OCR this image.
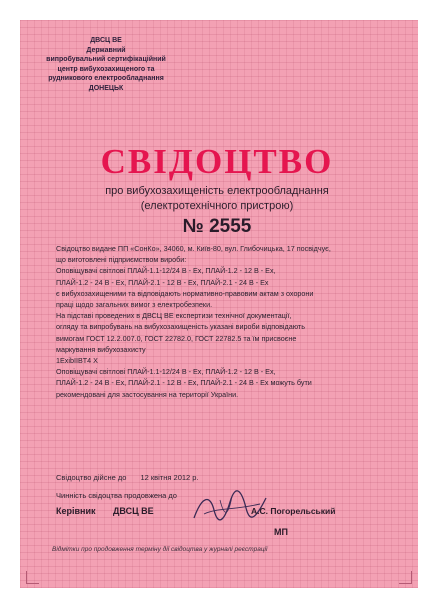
ДВСЦ ВЕ
Державний
випробувальний сертифікаційний
центр вибухозахищеного та
рудникового електрообладнання
ДОНЕЦЬК
СВІДОЦТВО
про вибухозахищеність електрообладнання
(електротехнічного пристрою)
№ 2555
Свідоцтво видане ПП «СонКо», 34060, м. Київ-80, вул. Глибочицька, 17 посвідчує,
що виготовлені підприємством вироби:
Оповіщувачі світлові ПЛАЙ-1.1-12/24 В - Ех, ПЛАЙ-1.2 - 12 В - Ех,
ПЛАЙ-1.2 - 24 В - Ех, ПЛАЙ-2.1 - 12 В - Ех, ПЛАЙ-2.1 - 24 В - Ех
є вибухозахищеними та відповідають нормативно-правовим актам з охорони
праці щодо загальних вимог з електробезпеки.
На підставі проведених в ДВСЦ ВЕ експертизи технічної документації,
огляду та випробувань на вибухозахищеність указані вироби відповідають
вимогам ГОСТ 12.2.007.0, ГОСТ 22782.0, ГОСТ 22782.5 та їм присвоєне
маркування вибухозахисту
1ExibIIBT4 X
Оповіщувачі світлові ПЛАЙ-1.1-12/24 В - Ех, ПЛАЙ-1.2 - 12 В - Ех,
ПЛАЙ-1.2 - 24 В - Ех, ПЛАЙ-2.1 - 12 В - Ех, ПЛАЙ-2.1 - 24 В - Ех можуть бути
рекомендовані для застосування на території України.
Свідоцтво дійсне до 12 квітня 2012 р.
Чинність свідоцтва продовжена до
Керівник ДВСЦ ВЕ	А.С. Погорельський
МП
Відмітки про продовження терміну дії свідоцтва у журналі реєстрації
